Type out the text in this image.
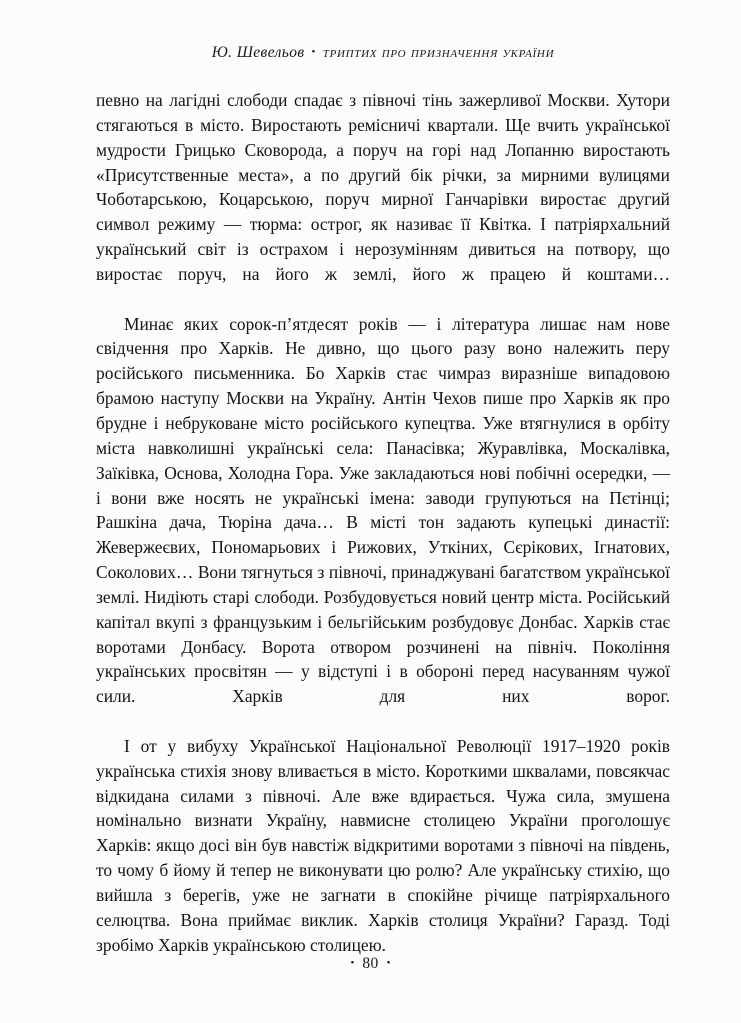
Ю. Шевельов • триптих про призначення україни

певно на лагідні слободи спадає з півночі тінь зажерливої Москви. Хутори стягаються в місто. Виростають ремісничі квартали. Ще вчить української мудрости Грицько Сковорода, а поруч на горі над Лопанню виростають «Присутственные места», а по другий бік річки, за мирними вулицями Чоботарською, Коцарською, поруч мирної Ганчарівки виростає другий символ режиму — тюрма: острог, як називає її Квітка. І патріярхальний український світ із острахом і нерозумінням дивиться на потвору, що виростає поруч, на його ж землі, його ж працею й коштами…

Минає яких сорок-п’ятдесят років — і література лишає нам нове свідчення про Харків. Не дивно, що цього разу воно належить перу російського письменника. Бо Харків стає чимраз виразніше випадовою брамою наступу Москви на Україну. Антін Чехов пише про Харків як про брудне і небруковане місто російського купецтва. Уже втягнулися в орбіту міста навколишні українські села: Панасівка; Журавлівка, Москалівка, Заїківка, Основа, Холодна Гора. Уже закладаються нові побічні осередки, — і вони вже носять не українські імена: заводи групуються на Пєтінці; Рашкіна дача, Тюріна дача… В місті тон задають купецькі династії: Жевержеєвих, Пономарьових і Рижових, Уткіних, Сєрікових, Ігнатових, Соколових… Вони тягнуться з півночі, принаджувані багатством української землі. Нидіють старі слободи. Розбудовується новий центр міста. Російський капітал вкупі з французьким і бельгійським розбудовує Донбас. Харків стає воротами Донбасу. Ворота отвором розчинені на північ. Покоління українських просвітян — у відступі і в обороні перед насуванням чужої сили. Харків для них ворог.

І от у вибуху Української Національної Революції 1917–1920 років українська стихія знову вливається в місто. Короткими шквалами, повсякчас відкидана силами з півночі. Але вже вдирається. Чужа сила, змушена номінально визнати Україну, навмисне столицею України проголошує Харків: якщо досі він був навстіж відкритими воротами з півночі на південь, то чому б йому й тепер не виконувати цю ролю? Але українську стихію, що вийшла з берегів, уже не загнати в спокійне річище патріярхального селюцтва. Вона приймає виклик. Харків столиця України? Гаразд. Тоді зробімо Харків українською столицею.

• 80 •
